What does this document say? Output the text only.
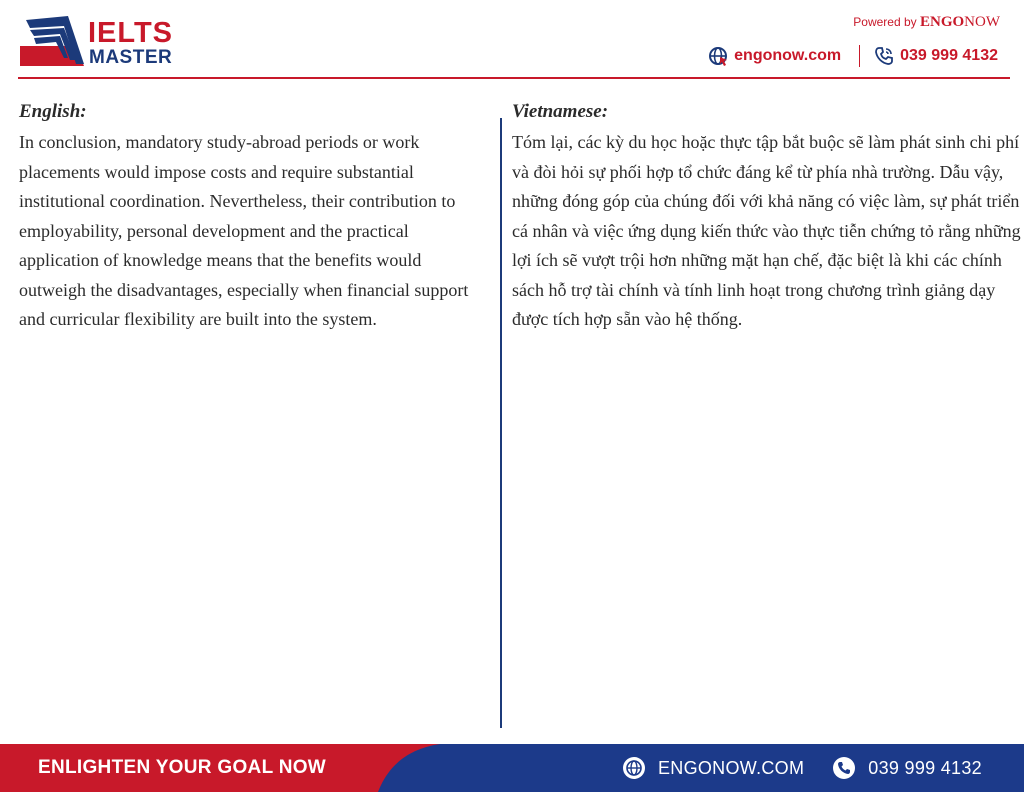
IELTS
MASTER
Powered by ENGONOW
engonow.com	039 999 4132
English:

In conclusion, mandatory study-abroad periods or work placements would impose costs and require substantial institutional coordination. Nevertheless, their contribution to employability, personal development and the practical application of knowledge means that the benefits would outweigh the disadvantages, especially when financial support and curricular flexibility are built into the system.

Vietnamese:

Tóm lại, các kỳ du học hoặc thực tập bắt buộc sẽ làm phát sinh chi phí và đòi hỏi sự phối hợp tổ chức đáng kể từ phía nhà trường. Dẫu vậy, những đóng góp của chúng đối với khả năng có việc làm, sự phát triển cá nhân và việc ứng dụng kiến thức vào thực tiễn chứng tỏ rằng những lợi ích sẽ vượt trội hơn những mặt hạn chế, đặc biệt là khi các chính sách hỗ trợ tài chính và tính linh hoạt trong chương trình giảng dạy được tích hợp sẵn vào hệ thống.

ENLIGHTEN YOUR GOAL NOW	ENGONOW.COM	039 999 4132
